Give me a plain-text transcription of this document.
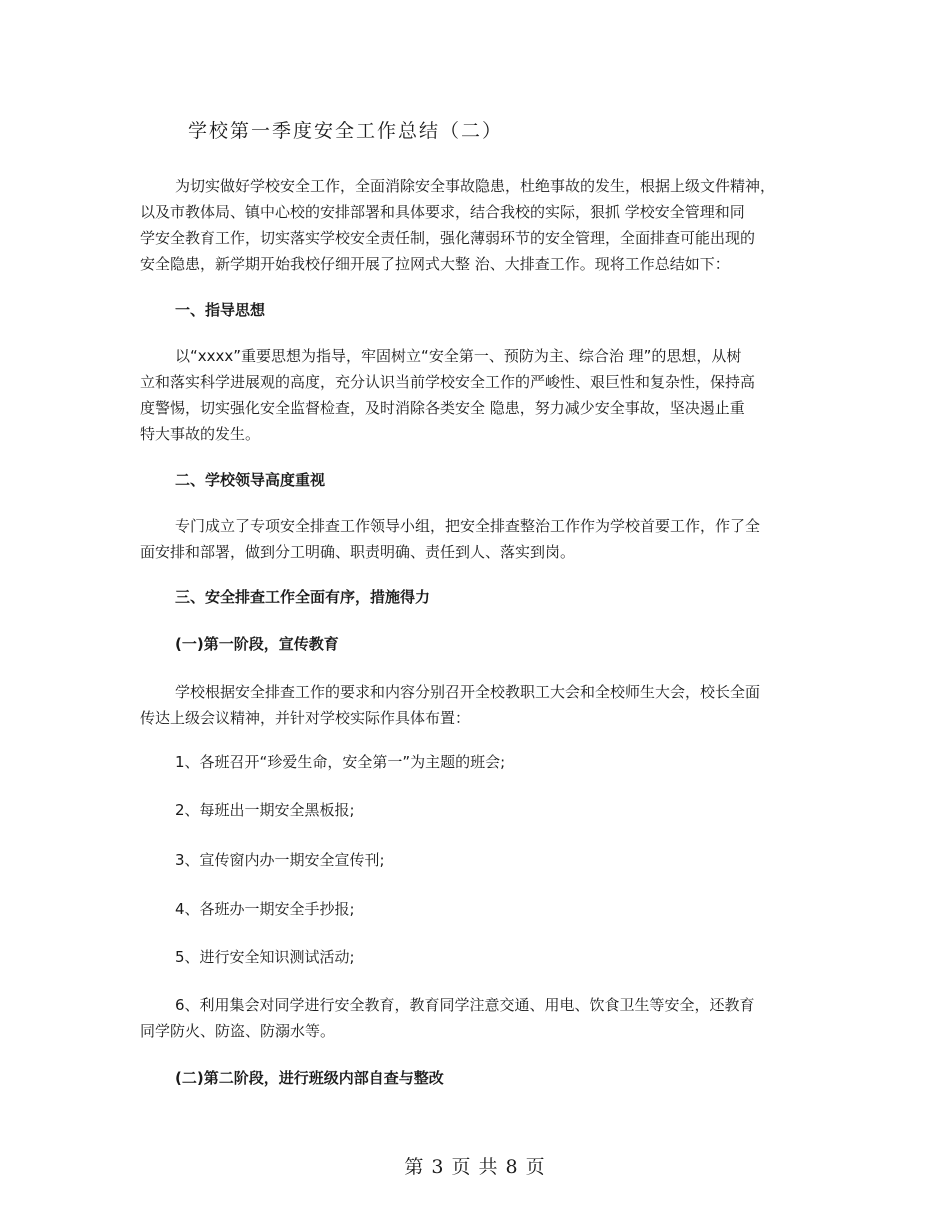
学校第一季度安全工作总结（二）
为切实做好学校安全工作，全面消除安全事故隐患，杜绝事故的发生，根据上级文件精神，
以及市教体局、镇中心校的安排部署和具体要求，结合我校的实际，狠抓 学校安全管理和同
学安全教育工作，切实落实学校安全责任制，强化薄弱环节的安全管理，全面排查可能出现的
安全隐患，新学期开始我校仔细开展了拉网式大整 治、大排查工作。现将工作总结如下：
一、指导思想
以“xxxx”重要思想为指导，牢固树立“安全第一、预防为主、综合治 理”的思想，从树
立和落实科学进展观的高度，充分认识当前学校安全工作的严峻性、艰巨性和复杂性，保持高
度警惕，切实强化安全监督检查，及时消除各类安全 隐患，努力减少安全事故，坚决遏止重
特大事故的发生。
二、学校领导高度重视
专门成立了专项安全排查工作领导小组，把安全排查整治工作作为学校首要工作，作了全
面安排和部署，做到分工明确、职责明确、责任到人、落实到岗。
三、安全排查工作全面有序，措施得力
(一)第一阶段，宣传教育
学校根据安全排查工作的要求和内容分别召开全校教职工大会和全校师生大会，校长全面
传达上级会议精神，并针对学校实际作具体布置：
1、各班召开“珍爱生命，安全第一”为主题的班会;
2、每班出一期安全黑板报;
3、宣传窗内办一期安全宣传刊;
4、各班办一期安全手抄报;
5、进行安全知识测试活动;
6、利用集会对同学进行安全教育，教育同学注意交通、用电、饮食卫生等安全，还教育
同学防火、防盗、防溺水等。
(二)第二阶段，进行班级内部自查与整改
第 3 页 共 8 页
